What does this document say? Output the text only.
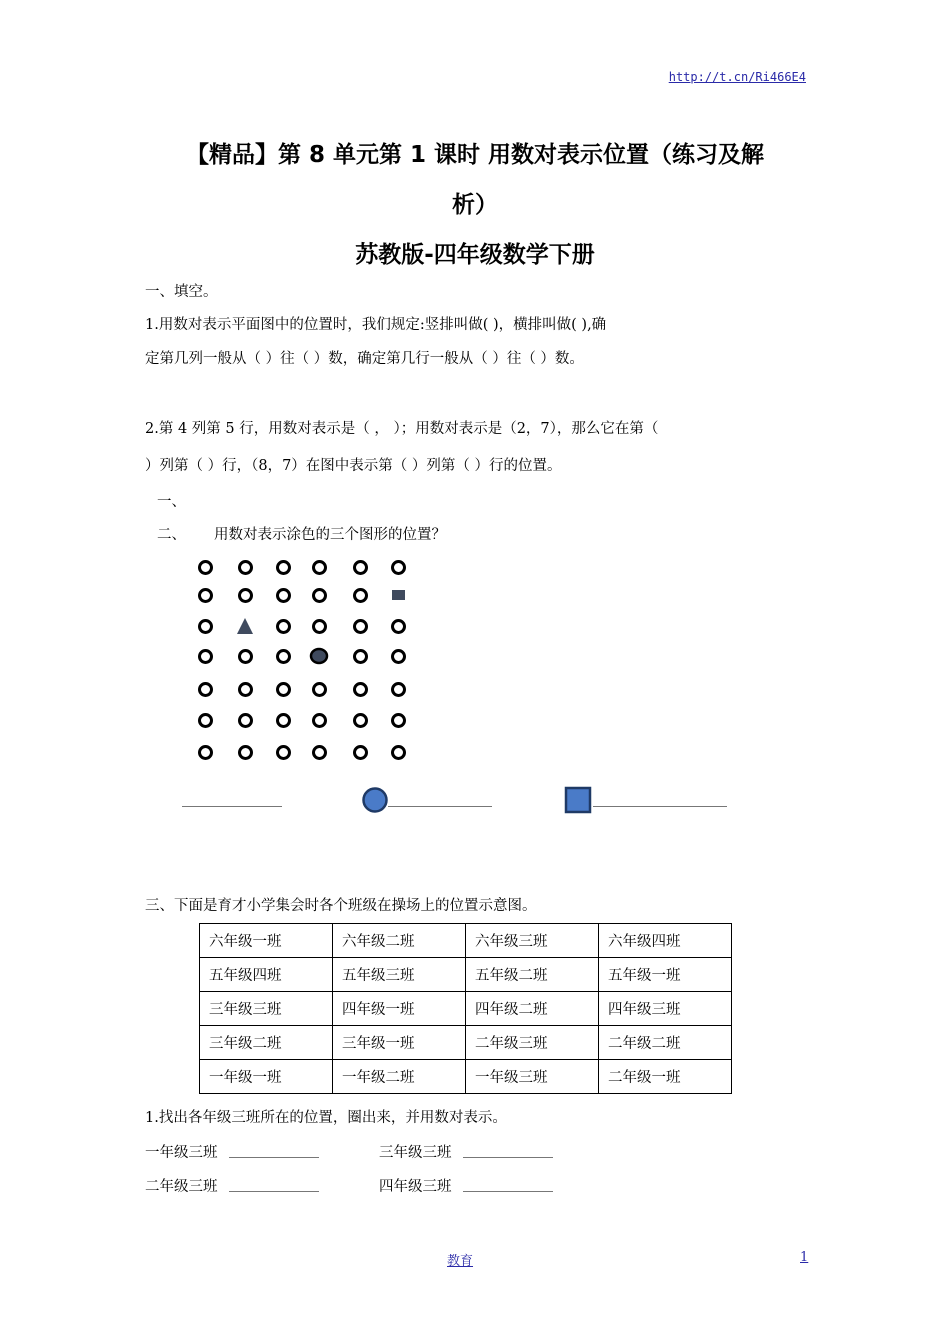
http://t.cn/Ri466E4
【精品】第 8 单元第 1 课时 用数对表示位置（练习及解
析）
苏教版-四年级数学下册
一、填空。
1.用数对表示平面图中的位置时，我们规定:竖排叫做( )，横排叫做( ),确
定第几列一般从（ ）往（ ）数，确定第几行一般从（ ）往（ ）数。
2.第 4 列第 5 行，用数对表示是（ ， ）；用数对表示是（2，7），那么它在第（
）列第（ ）行，（8，7）在图中表示第（ ）列第（ ）行的位置。
一、
二、 用数对表示涂色的三个图形的位置？
三、下面是育才小学集会时各个班级在操场上的位置示意图。
六年级一班	六年级二班	六年级三班	六年级四班
五年级四班	五年级三班	五年级二班	五年级一班
三年级三班	四年级一班	四年级二班	四年级三班
三年级二班	三年级一班	二年级三班	二年级二班
一年级一班	一年级二班	一年级三班	二年级一班
1.找出各年级三班所在的位置，圈出来，并用数对表示。
一年级三班	三年级三班
二年级三班	四年级三班
教育	1
